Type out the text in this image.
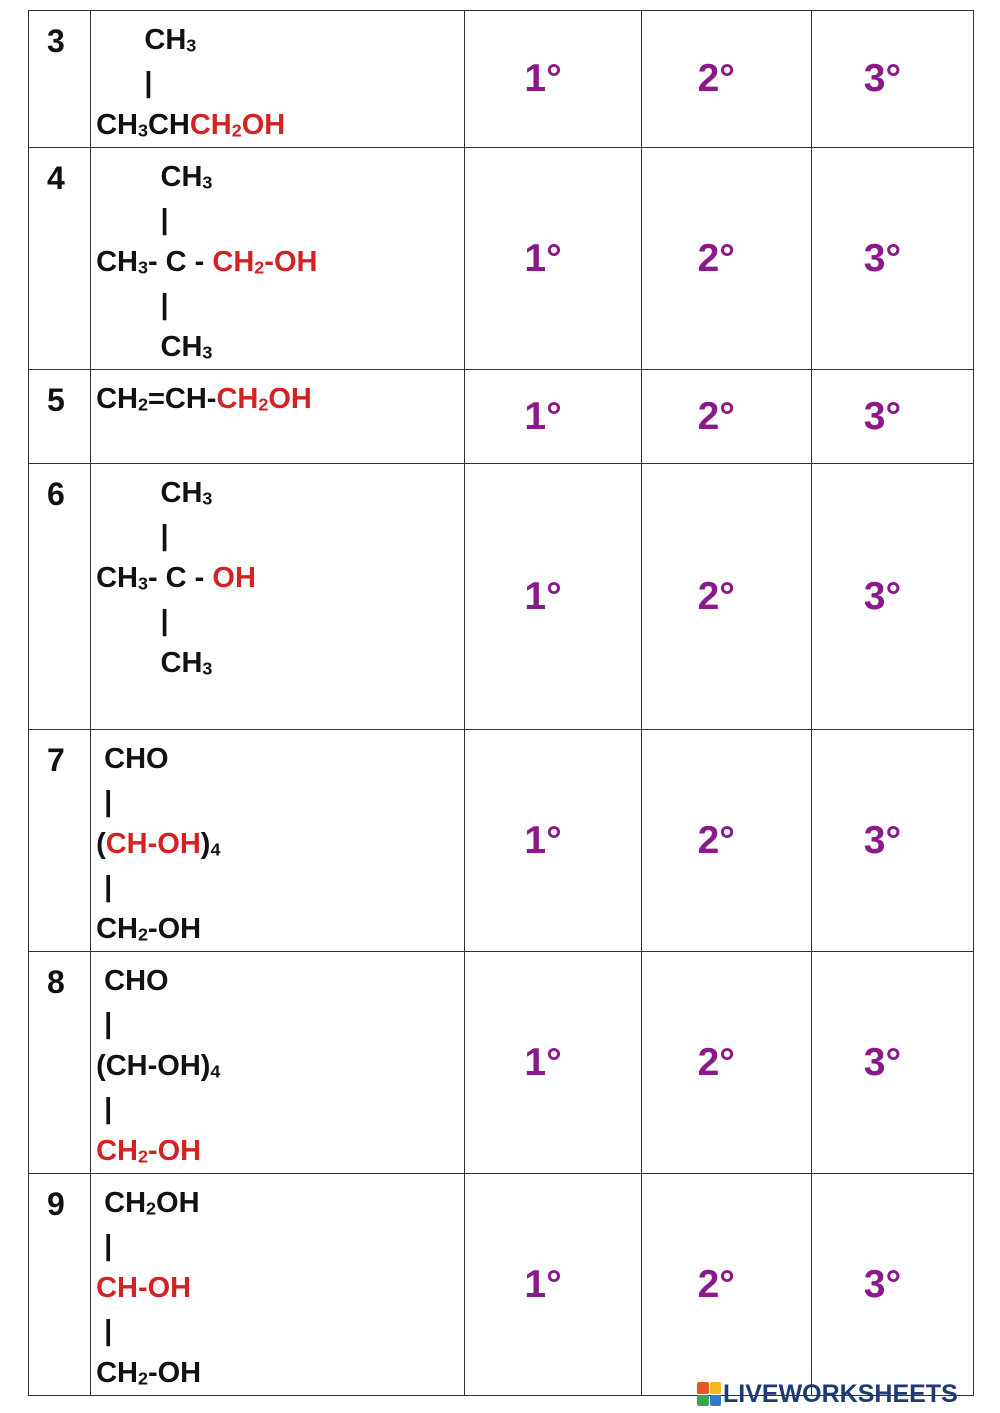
3	$CH_3$
|
$CH_3CHCH_2OH$	1°	2°	3°
4	$CH_3$
|
$CH_3-$ C - $CH_2-OH$
|
$CH_3$	1°	2°	3°
5	$CH_2=CH-CH_2OH$	1°	2°	3°
6	$CH_3$
|
$CH_3-$ C - OH
|
$CH_3$	1°	2°	3°
7	CHO
|
$(CH-OH)_4$
|
$CH_2-OH$	1°	2°	3°
8	CHO
|
$(CH-OH)_4$
|
$CH_2-OH$	1°	2°	3°
9	$CH_2OH$
|
CH-OH
|
$CH_2-OH$	1°	2°	3°
LIVEWORKSHEETS
